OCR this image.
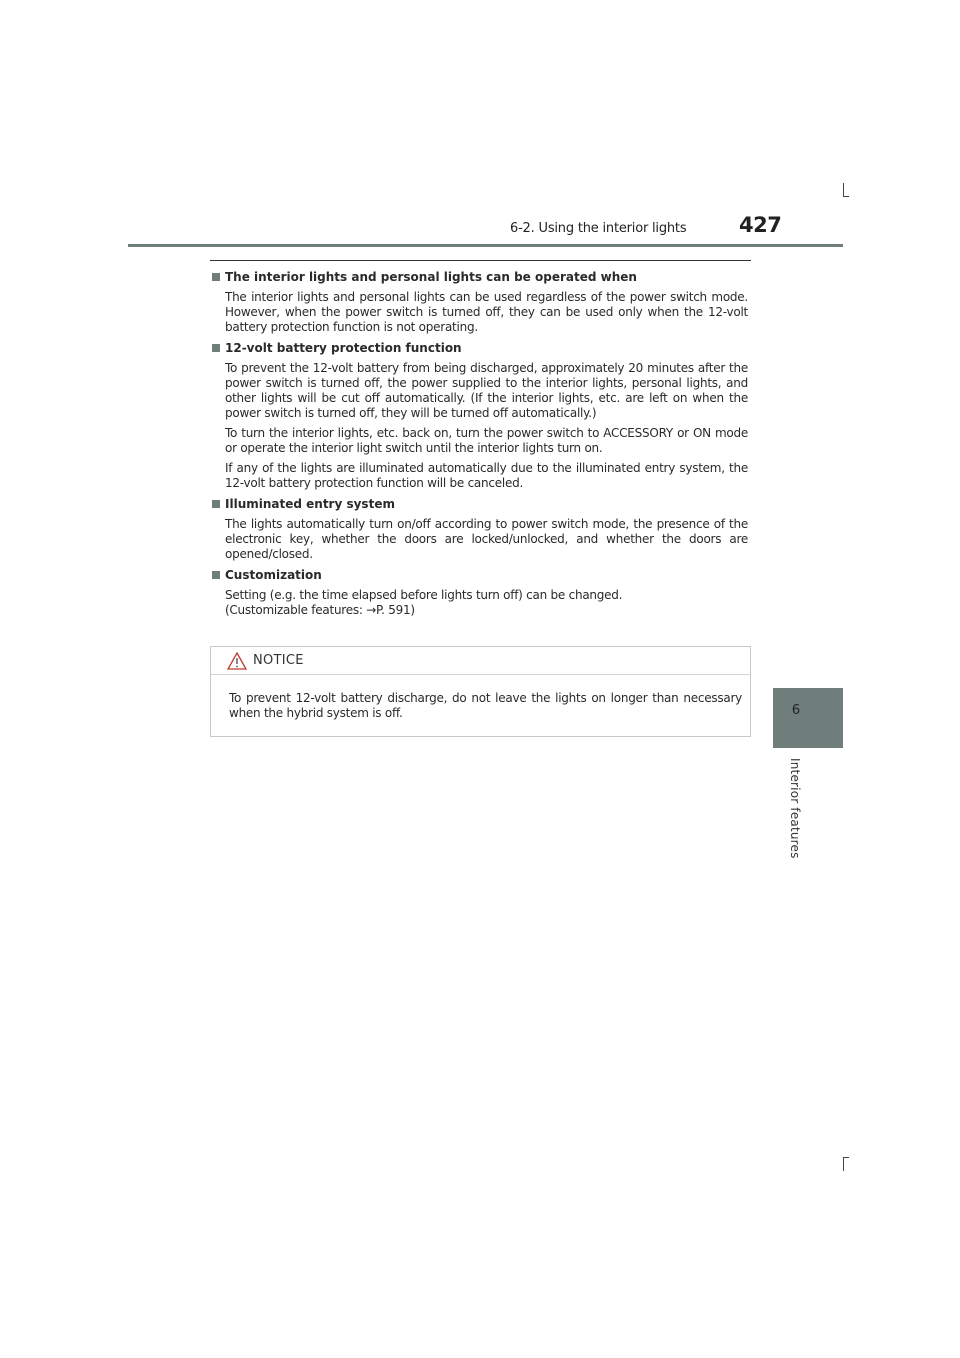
6-2. Using the interior lights	427
6
Interior features
The interior lights and personal lights can be operated when

The interior lights and personal lights can be used regardless of the power switch mode. However, when the power switch is turned off, they can be used only when the 12-volt battery protection function is not operating.

12-volt battery protection function

To prevent the 12-volt battery from being discharged, approximately 20 minutes after the power switch is turned off, the power supplied to the interior lights, personal lights, and other lights will be cut off automatically. (If the interior lights, etc. are left on when the power switch is turned off, they will be turned off automatically.)

To turn the interior lights, etc. back on, turn the power switch to ACCESSORY or ON mode or operate the interior light switch until the interior lights turn on.

If any of the lights are illuminated automatically due to the illuminated entry system, the 12-volt battery protection function will be canceled.

Illuminated entry system

The lights automatically turn on/off according to power switch mode, the presence of the electronic key, whether the doors are locked/unlocked, and whether the doors are opened/closed.

Customization

Setting (e.g. the time elapsed before lights turn off) can be changed.

(Customizable features: →P. 591)

NOTICE
To prevent 12-volt battery discharge, do not leave the lights on longer than necessary when the hybrid system is off.
